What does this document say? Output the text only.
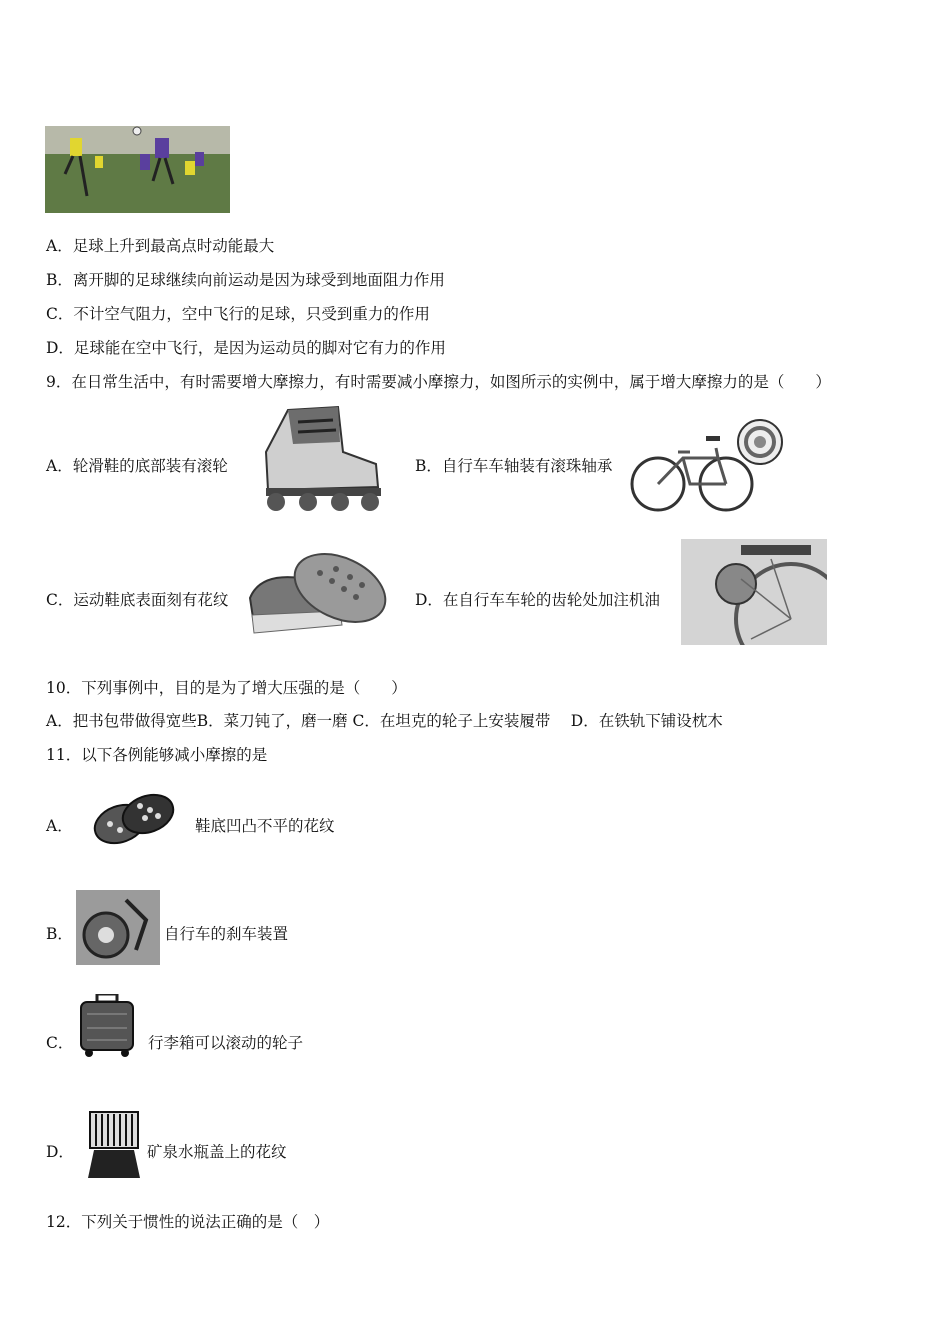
A．足球上升到最高点时动能最大
B．离开脚的足球继续向前运动是因为球受到地面阻力作用
C．不计空气阻力，空中飞行的足球，只受到重力的作用
D．足球能在空中飞行，是因为运动员的脚对它有力的作用
9．在日常生活中，有时需要增大摩擦力，有时需要减小摩擦力，如图所示的实例中，属于增大摩擦力的是（　　）
A．轮滑鞋的底部装有滚轮	B．自行车车轴装有滚珠轴承
C．运动鞋底表面刻有花纹	D．在自行车车轮的齿轮处加注机油
10．下列事例中，目的是为了增大压强的是（　　）
A．把书包带做得宽些B．菜刀钝了，磨一磨 C．在坦克的轮子上安装履带　 D．在铁轨下铺设枕木
11．以下各例能够减小摩擦的是
A．	鞋底凹凸不平的花纹
B．	自行车的刹车装置
C．	行李箱可以滚动的轮子
D．	矿泉水瓶盖上的花纹
12．下列关于惯性的说法正确的是（　）
